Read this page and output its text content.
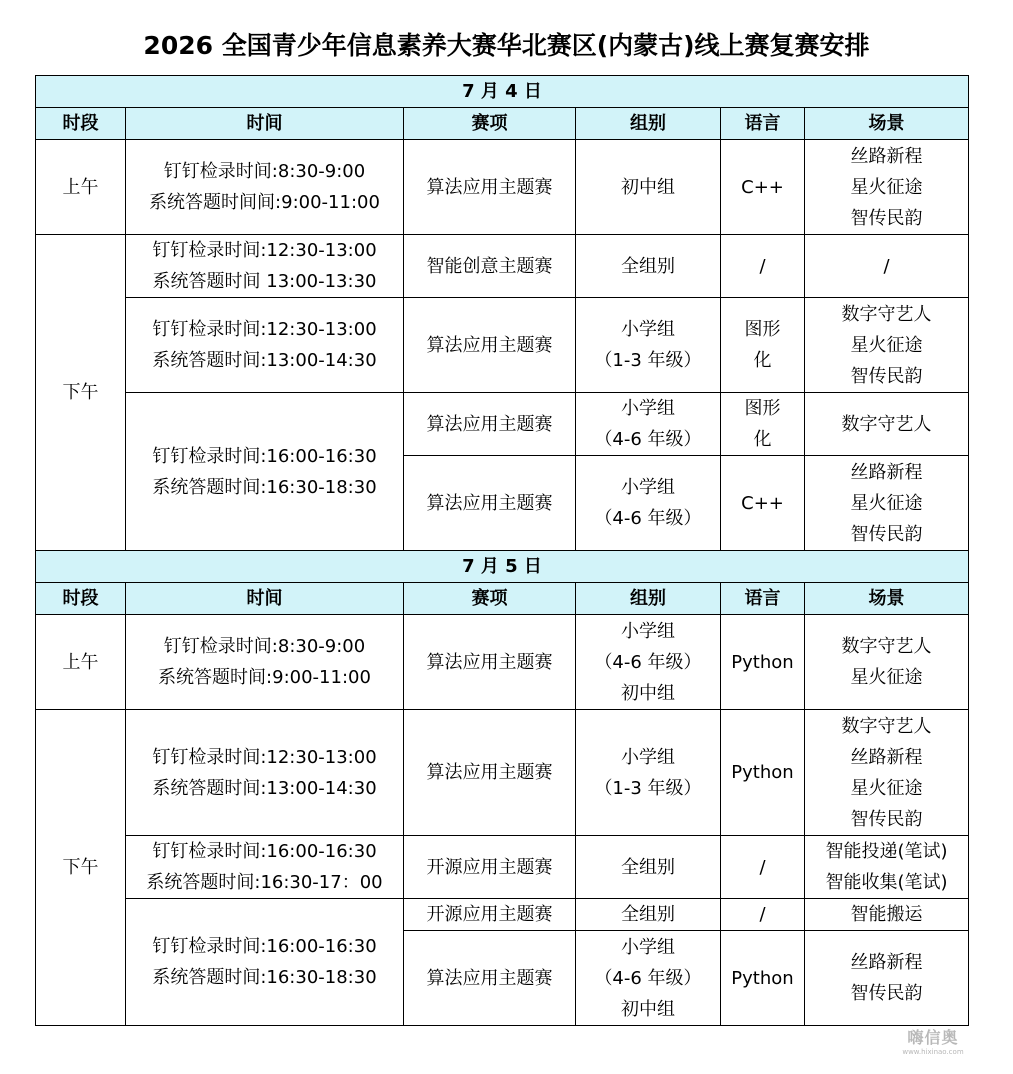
2026 全国青少年信息素养大赛华北赛区(内蒙古)线上赛复赛安排
7 月 4 日					
时段	时间	赛项	组别	语言	场景
上午	钉钉检录时间:8:30-9:00
系统答题时间间:9:00-11:00	算法应用主题赛	初中组	C++	丝路新程
星火征途
智传民韵

下午	钉钉检录时间:12:30-13:00
系统答题时间 13:00-13:30	智能创意主题赛	全组别	/	/

	钉钉检录时间:12:30-13:00
系统答题时间:13:00-14:30	算法应用主题赛	小学组
（1-3 年级）	图形
化	数字守艺人
星火征途
智传民韵

	钉钉检录时间:16:00-16:30
系统答题时间:16:30-18:30	算法应用主题赛	小学组
（4-6 年级）	图形
化	数字守艺人
		算法应用主题赛	小学组
（4-6 年级）	C++	丝路新程
星火征途
智传民韵

7 月 5 日					
时段	时间	赛项	组别	语言	场景
上午	钉钉检录时间:8:30-9:00
系统答题时间:9:00-11:00	算法应用主题赛	小学组
（4-6 年级）
初中组	Python	数字守艺人
星火征途

下午	钉钉检录时间:12:30-13:00
系统答题时间:13:00-14:30	算法应用主题赛	小学组
（1-3 年级）	Python	数字守艺人
丝路新程
星火征途
智传民韵

	钉钉检录时间:16:00-16:30
系统答题时间:16:30-17：00	开源应用主题赛	全组别	/	智能投递(笔试)
智能收集(笔试)

	钉钉检录时间:16:00-16:30
系统答题时间:16:30-18:30	开源应用主题赛	全组别	/	智能搬运
		算法应用主题赛	小学组
（4-6 年级）
初中组	Python	丝路新程
智传民韵
嗨信奥
www.hixinao.com
